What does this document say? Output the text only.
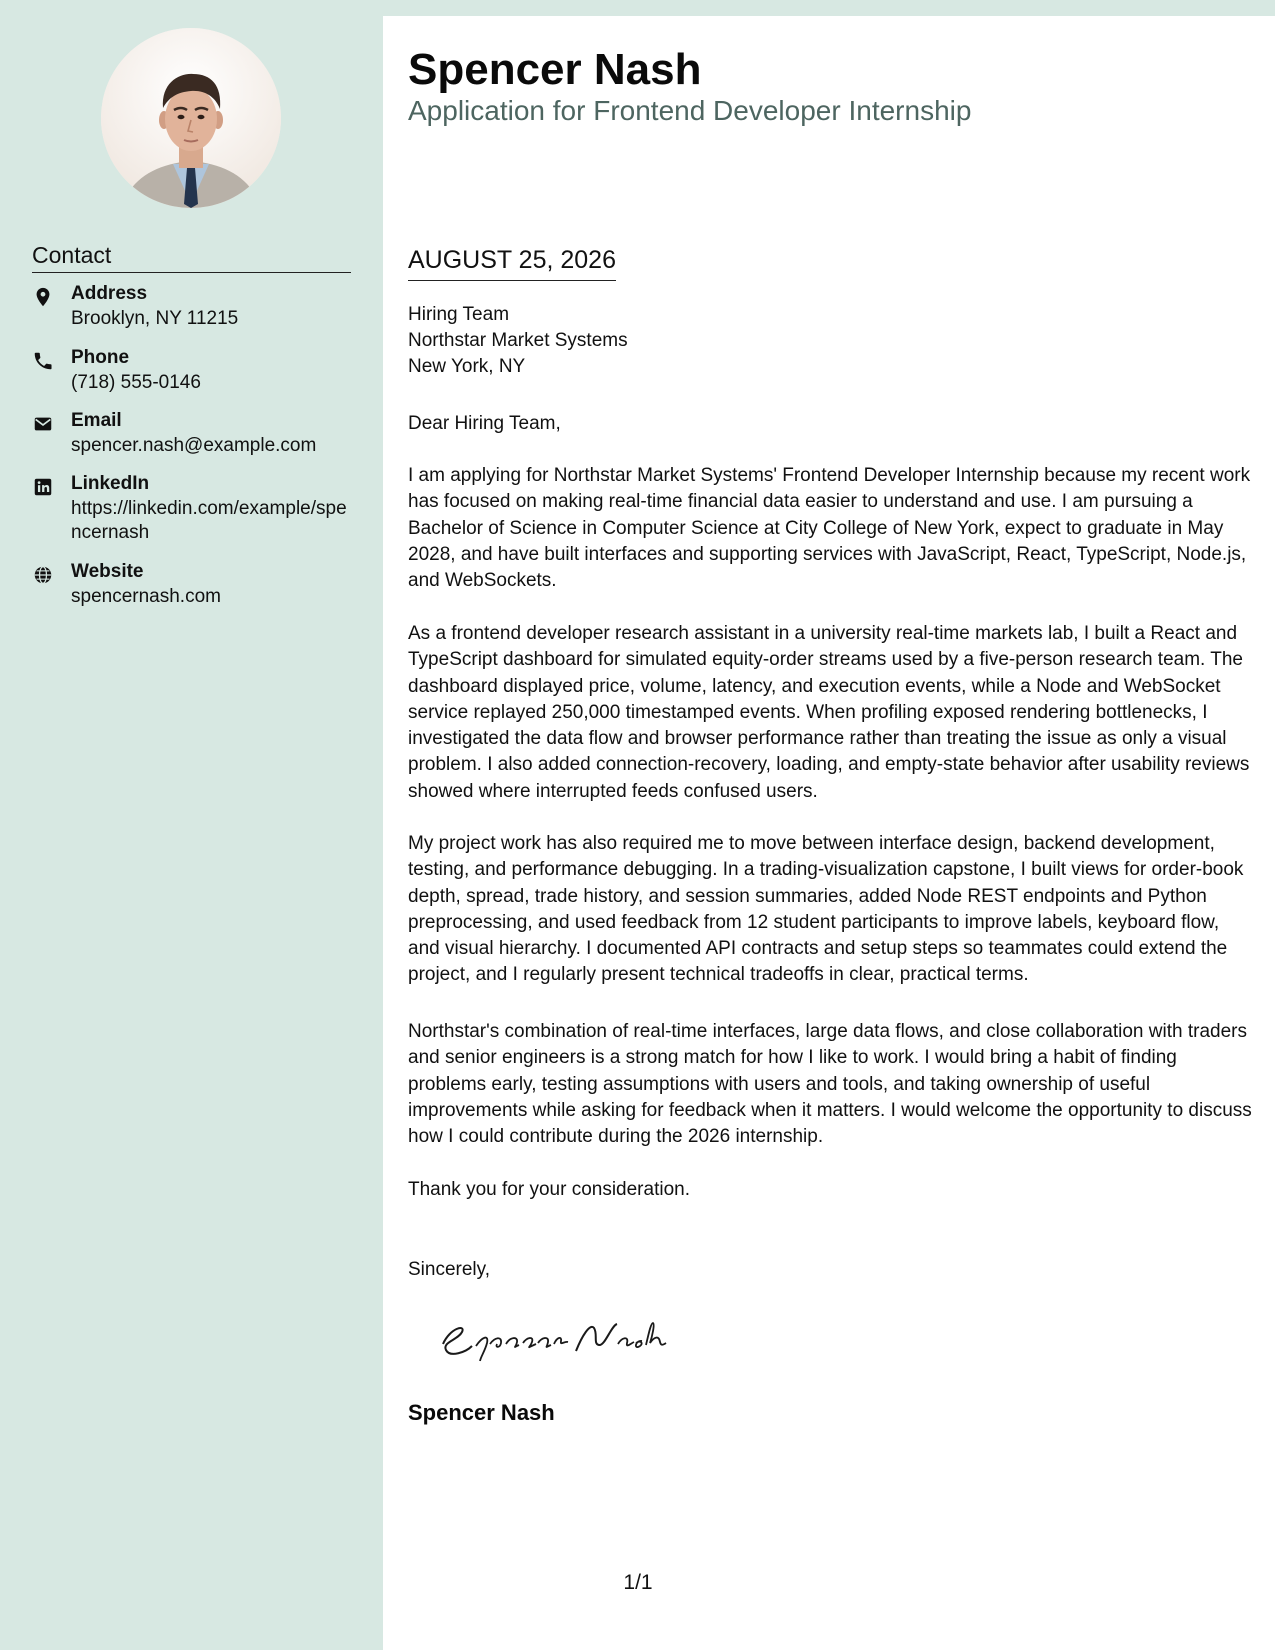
Contact
Address
Brooklyn, NY 11215
Phone
(718) 555-0146
Email
spencer.nash@example.com
LinkedIn
https://linkedin.com/example/spencernash
Website
spencernash.com
Spencer Nash
Application for Frontend Developer Internship
AUGUST 25, 2026
Hiring Team
Northstar Market Systems
New York, NY
Dear Hiring Team,
I am applying for Northstar Market Systems' Frontend Developer Internship because my recent work has focused on making real-time financial data easier to understand and use. I am pursuing a Bachelor of Science in Computer Science at City College of New York, expect to graduate in May 2028, and have built interfaces and supporting services with JavaScript, React, TypeScript, Node.js, and WebSockets.
As a frontend developer research assistant in a university real-time markets lab, I built a React and TypeScript dashboard for simulated equity-order streams used by a five-person research team. The dashboard displayed price, volume, latency, and execution events, while a Node and WebSocket service replayed 250,000 timestamped events. When profiling exposed rendering bottlenecks, I investigated the data flow and browser performance rather than treating the issue as only a visual problem. I also added connection-recovery, loading, and empty-state behavior after usability reviews showed where interrupted feeds confused users.
My project work has also required me to move between interface design, backend development, testing, and performance debugging. In a trading-visualization capstone, I built views for order-book depth, spread, trade history, and session summaries, added Node REST endpoints and Python preprocessing, and used feedback from 12 student participants to improve labels, keyboard flow, and visual hierarchy. I documented API contracts and setup steps so teammates could extend the project, and I regularly present technical tradeoffs in clear, practical terms.
Northstar's combination of real-time interfaces, large data flows, and close collaboration with traders and senior engineers is a strong match for how I like to work. I would bring a habit of finding problems early, testing assumptions with users and tools, and taking ownership of useful improvements while asking for feedback when it matters. I would welcome the opportunity to discuss how I could contribute during the 2026 internship.
Thank you for your consideration.
Sincerely,
Spencer Nash
1/1
